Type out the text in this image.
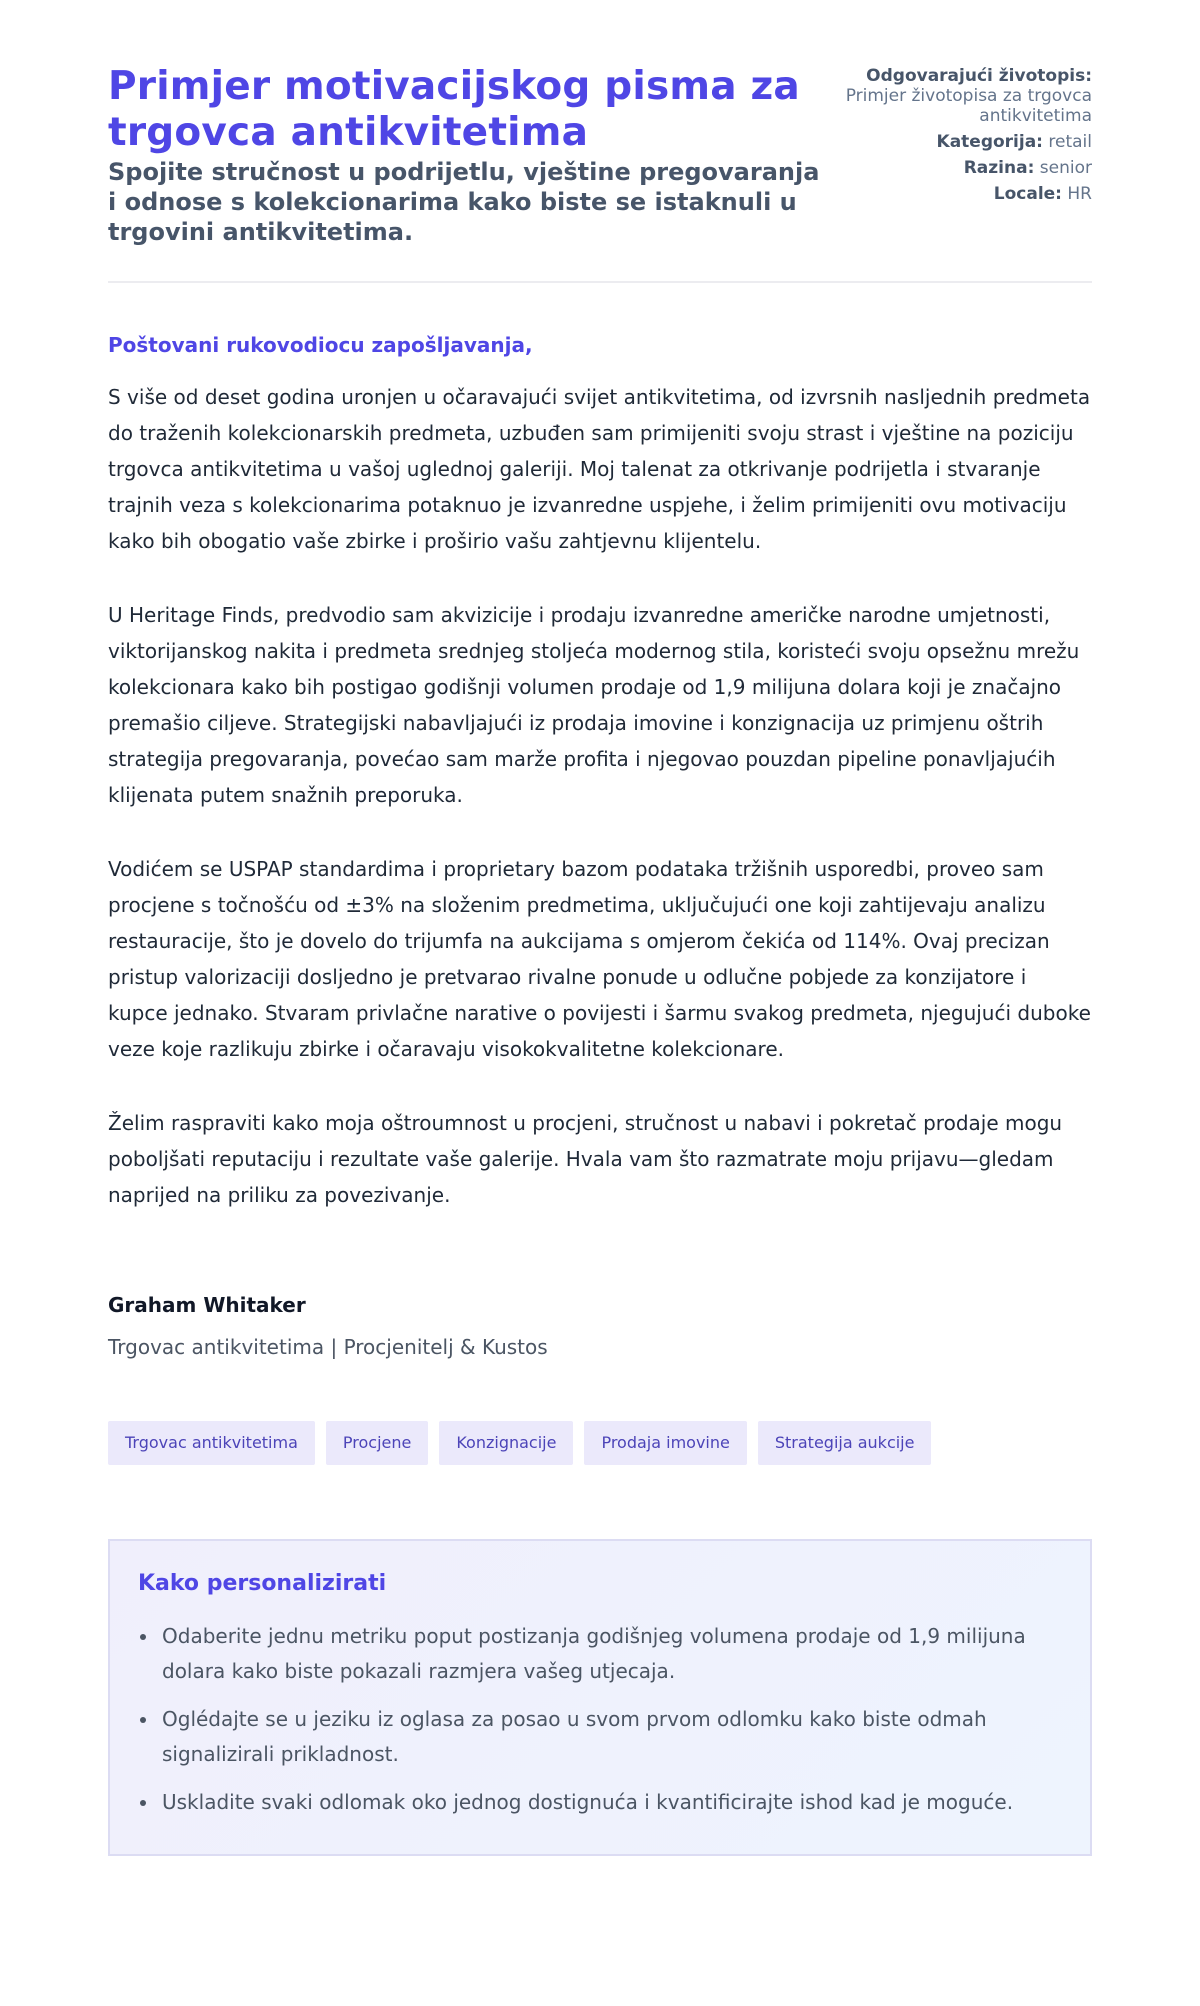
Primjer motivacijskog pisma za trgovca antikvitetima
Spojite stručnost u podrijetlu, vještine pregovaranja i odnose s kolekcionarima kako biste se istaknuli u trgovini antikvitetima.
Odgovarajući životopis:
Primjer životopisa za trgovca antikvitetima
Kategorija: retail
Razina: senior
Locale: HR

Poštovani rukovodiocu zapošljavanja,

S više od deset godina uronjen u očaravajući svijet antikvitetima, od izvrsnih nasljednih predmeta do traženih kolekcionarskih predmeta, uzbuđen sam primijeniti svoju strast i vještine na poziciju trgovca antikvitetima u vašoj uglednoj galeriji. Moj talenat za otkrivanje podrijetla i stvaranje trajnih veza s kolekcionarima potaknuo je izvanredne uspjehe, i želim primijeniti ovu motivaciju kako bih obogatio vaše zbirke i proširio vašu zahtjevnu klijentelu.

U Heritage Finds, predvodio sam akvizicije i prodaju izvanredne američke narodne umjetnosti, viktorijanskog nakita i predmeta srednjeg stoljeća modernog stila, koristeći svoju opsežnu mrežu kolekcionara kako bih postigao godišnji volumen prodaje od 1,9 milijuna dolara koji je značajno premašio ciljeve. Strategijski nabavljajući iz prodaja imovine i konzignacija uz primjenu oštrih strategija pregovaranja, povećao sam marže profita i njegovao pouzdan pipeline ponavljajućih klijenata putem snažnih preporuka.

Vodićem se USPAP standardima i proprietary bazom podataka tržišnih usporedbi, proveo sam procjene s točnošću od ±3% na složenim predmetima, uključujući one koji zahtijevaju analizu restauracije, što je dovelo do trijumfa na aukcijama s omjerom čekića od 114%. Ovaj precizan pristup valorizaciji dosljedno je pretvarao rivalne ponude u odlučne pobjede za konzijatore i kupce jednako. Stvaram privlačne narative o povijesti i šarmu svakog predmeta, njegujući duboke veze koje razlikuju zbirke i očaravaju visokokvalitetne kolekcionare.

Želim raspraviti kako moja oštroumnost u procjeni, stručnost u nabavi i pokretač prodaje mogu poboljšati reputaciju i rezultate vaše galerije. Hvala vam što razmatrate moju prijavu—gledam naprijed na priliku za povezivanje.

Graham Whitaker
Trgovac antikvitetima | Procjenitelj & Kustos
Trgovac antikvitetima	Procjene	Konzignacije	Prodaja imovine	Strategija aukcije
Kako personalizirati
Odaberite jednu metriku poput postizanja godišnjeg volumena prodaje od 1,9 milijuna dolara kako biste pokazali razmjera vašeg utjecaja.
Oglédajte se u jeziku iz oglasa za posao u svom prvom odlomku kako biste odmah signalizirali prikladnost.
Uskladite svaki odlomak oko jednog dostignuća i kvantificirajte ishod kad je moguće.
